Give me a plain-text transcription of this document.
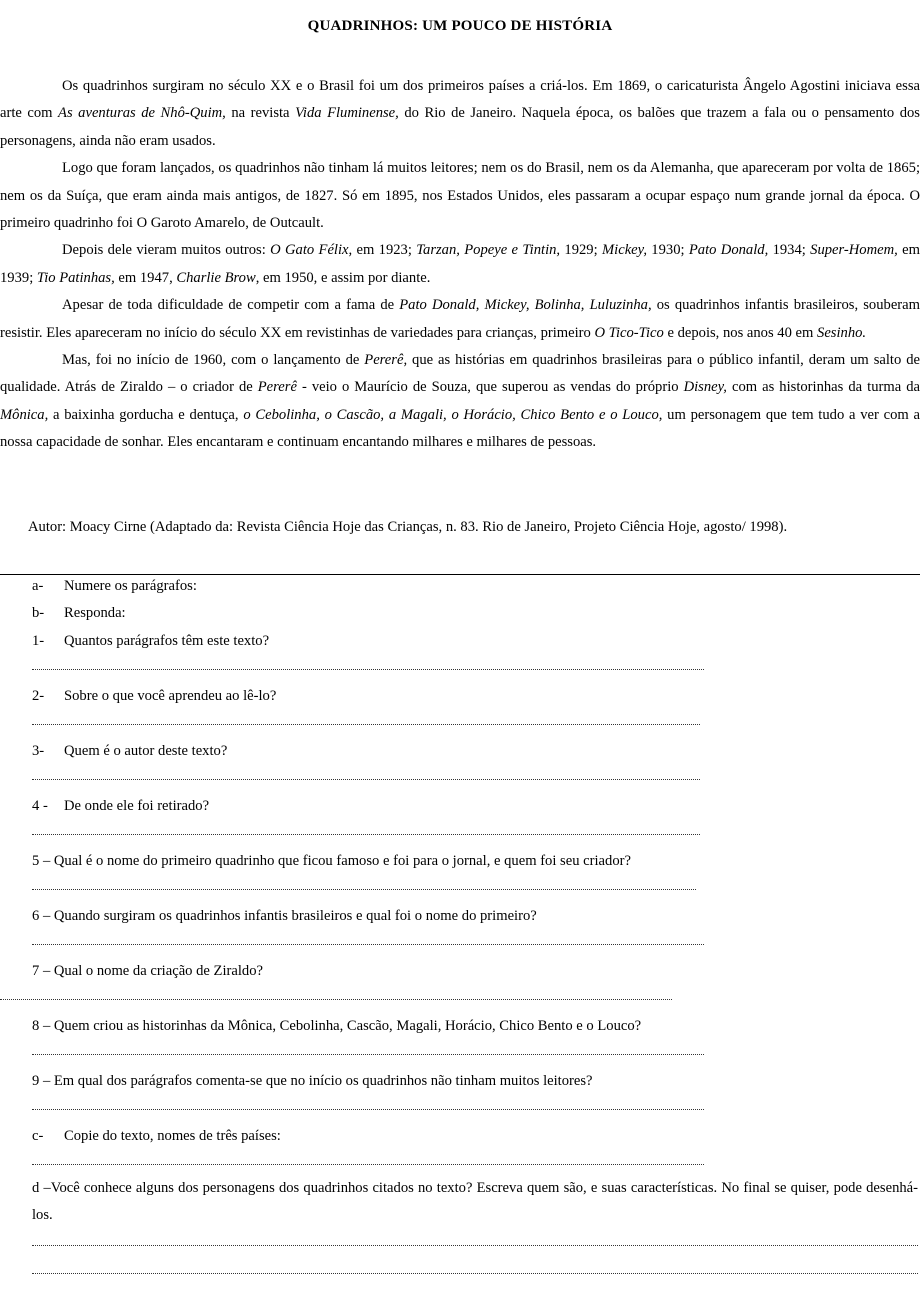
QUADRINHOS: UM POUCO DE HISTÓRIA

Os quadrinhos surgiram no século XX e o Brasil foi um dos primeiros países a criá-los. Em 1869, o caricaturista Ângelo Agostini iniciava essa arte com As aventuras de Nhô-Quim, na revista Vida Fluminense, do Rio de Janeiro. Naquela época, os balões que trazem a fala ou o pensamento dos personagens, ainda não eram usados.

Logo que foram lançados, os quadrinhos não tinham lá muitos leitores; nem os do Brasil, nem os da Alemanha, que apareceram por volta de 1865; nem os da Suíça, que eram ainda mais antigos, de 1827. Só em 1895, nos Estados Unidos, eles passaram a ocupar espaço num grande jornal da época. O primeiro quadrinho foi O Garoto Amarelo, de Outcault.

Depois dele vieram muitos outros: O Gato Félix, em 1923; Tarzan, Popeye e Tintin, 1929; Mickey, 1930; Pato Donald, 1934; Super-Homem, em 1939; Tio Patinhas, em 1947, Charlie Brow, em 1950, e assim por diante.

Apesar de toda dificuldade de competir com a fama de Pato Donald, Mickey, Bolinha, Luluzinha, os quadrinhos infantis brasileiros, souberam resistir. Eles apareceram no início do século XX em revistinhas de variedades para crianças, primeiro O Tico-Tico e depois, nos anos 40 em Sesinho.

Mas, foi no início de 1960, com o lançamento de Pererê, que as histórias em quadrinhos brasileiras para o público infantil, deram um salto de qualidade. Atrás de Ziraldo – o criador de Pererê - veio o Maurício de Souza, que superou as vendas do próprio Disney, com as historinhas da turma da Mônica, a baixinha gorducha e dentuça, o Cebolinha, o Cascão, a Magali, o Horácio, Chico Bento e o Louco, um personagem que tem tudo a ver com a nossa capacidade de sonhar. Eles encantaram e continuam encantando milhares e milhares de pessoas.

Autor: Moacy Cirne (Adaptado da: Revista Ciência Hoje das Crianças, n. 83. Rio de Janeiro, Projeto Ciência Hoje, agosto/ 1998).
a- Numere os parágrafos:
b- Responda:
1- Quantos parágrafos têm este texto?
2- Sobre o que você aprendeu ao lê-lo?
3- Quem é o autor deste texto?
4 - De onde ele foi retirado?
5 – Qual é o nome do primeiro quadrinho que ficou famoso e foi para o jornal, e quem foi seu criador?
6 – Quando surgiram os quadrinhos infantis brasileiros e qual foi o nome do primeiro?
7 – Qual o nome da criação de Ziraldo?
8 – Quem criou as historinhas da Mônica, Cebolinha, Cascão, Magali, Horácio, Chico Bento e o Louco?
9 – Em qual dos parágrafos comenta-se que no início os quadrinhos não tinham muitos leitores?
c- Copie do texto, nomes de três países:
d –Você conhece alguns dos personagens dos quadrinhos citados no texto? Escreva quem são, e suas características. No final se quiser, pode desenhá-los.
